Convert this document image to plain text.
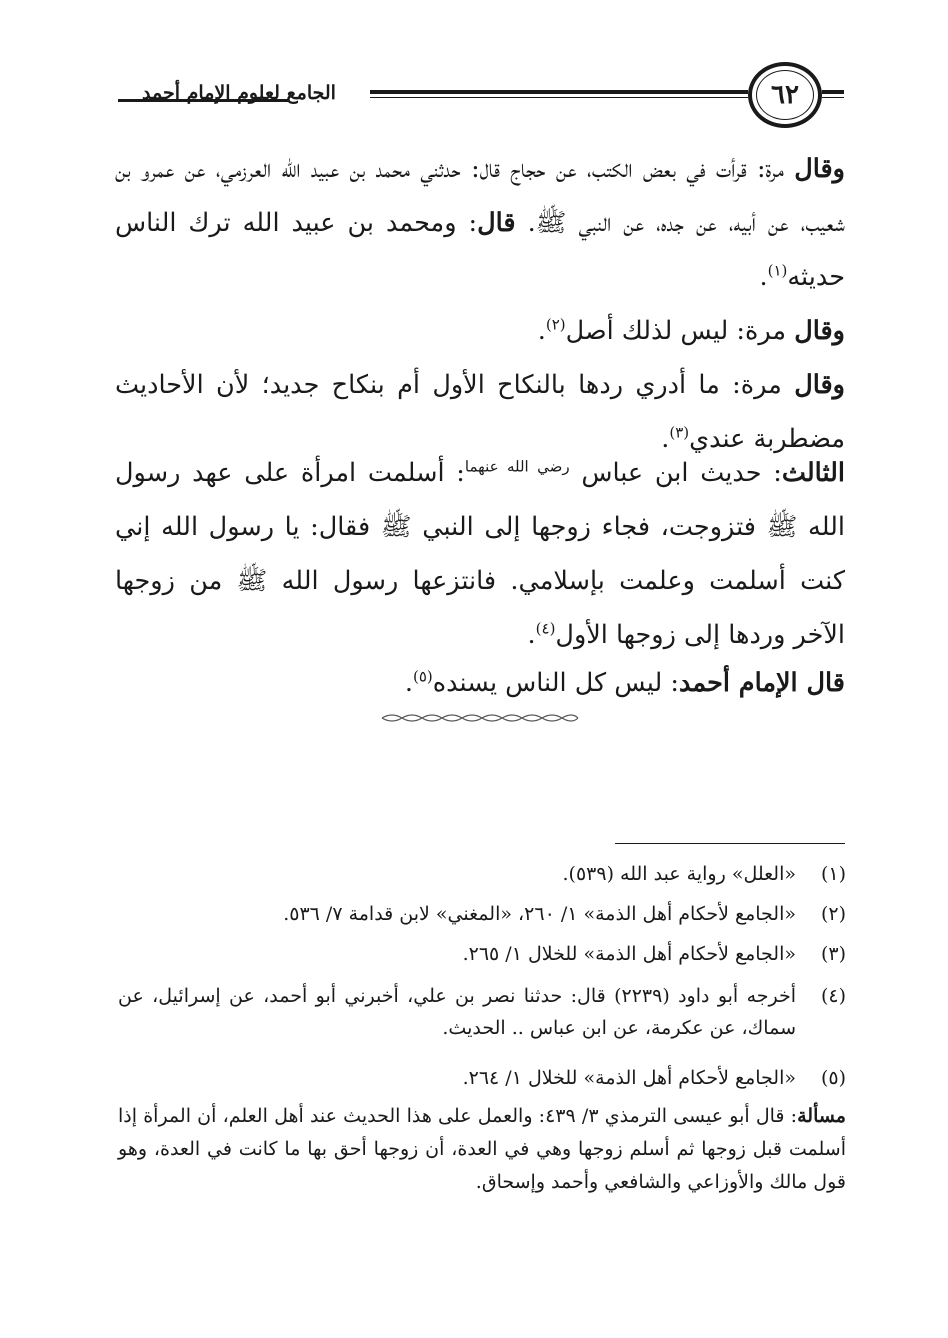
الجامع لعلوم الإمام أحمد	٦٢
وقال مرة: قرأت في بعض الكتب، عن حجاج قال: حدثني محمد بن عبيد الله العرزمي، عن عمرو بن شعيب، عن أبيه، عن جده، عن النبي ﷺ. قال: ومحمد بن عبيد الله ترك الناس حديثه$^{(١)}$.
وقال مرة: ليس لذلك أصل$^{(٢)}$.
وقال مرة: ما أدري ردها بالنكاح الأول أم بنكاح جديد؛ لأن الأحاديث مضطربة عندي$^{(٣)}$.
الثالث: حديث ابن عباس $^{رضي الله عنهما}$: أسلمت امرأة على عهد رسول الله ﷺ فتزوجت، فجاء زوجها إلى النبي ﷺ فقال: يا رسول الله إني كنت أسلمت وعلمت بإسلامي. فانتزعها رسول الله ﷺ من زوجها الآخر وردها إلى زوجها الأول$^{(٤)}$.
قال الإمام أحمد: ليس كل الناس يسنده$^{(٥)}$.
(١)
«العلل» رواية عبد الله (٥٣٩).
(٢)
«الجامع لأحكام أهل الذمة» ١/ ٢٦٠، «المغني» لابن قدامة ٧/ ٥٣٦.
(٣)
«الجامع لأحكام أهل الذمة» للخلال ١/ ٢٦٥.
(٤)
أخرجه أبو داود (٢٢٣٩) قال: حدثنا نصر بن علي، أخبرني أبو أحمد، عن إسرائيل، عن سماك، عن عكرمة، عن ابن عباس .. الحديث.
(٥)
«الجامع لأحكام أهل الذمة» للخلال ١/ ٢٦٤.
مسألة: قال أبو عيسى الترمذي ٣/ ٤٣٩: والعمل على هذا الحديث عند أهل العلم، أن المرأة إذا أسلمت قبل زوجها ثم أسلم زوجها وهي في العدة، أن زوجها أحق بها ما كانت في العدة، وهو قول مالك والأوزاعي والشافعي وأحمد وإسحاق.
